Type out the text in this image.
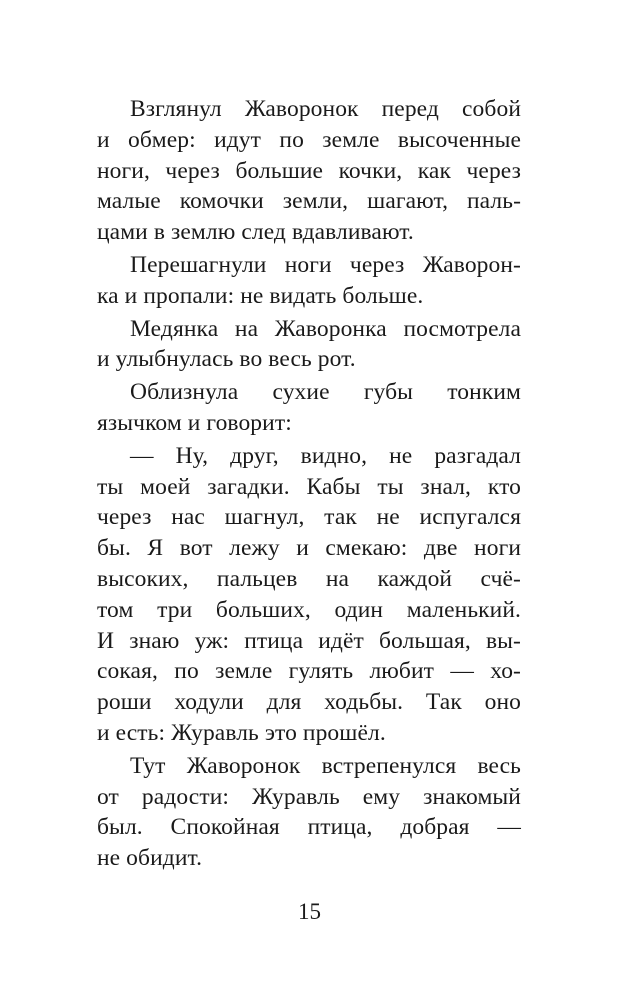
Взглянул Жаворонок перед собой
и обмер: идут по земле высоченные
ноги, через большие кочки, как через
малые комочки земли, шагают, паль-
цами в землю след вдавливают.
Перешагнули ноги через Жаворон-
ка и пропали: не видать больше.
Медянка на Жаворонка посмотрела
и улыбнулась во весь рот.
Облизнула сухие губы тонким
язычком и говорит:
— Ну, друг, видно, не разгадал
ты моей загадки. Кабы ты знал, кто
через нас шагнул, так не испугался
бы. Я вот лежу и смекаю: две ноги
высоких, пальцев на каждой счё-
том три больших, один маленький.
И знаю уж: птица идёт большая, вы-
сокая, по земле гулять любит — хо-
роши ходули для ходьбы. Так оно
и есть: Журавль это прошёл.
Тут Жаворонок встрепенулся весь
от радости: Журавль ему знакомый
был. Спокойная птица, добрая —
не обидит.
15
